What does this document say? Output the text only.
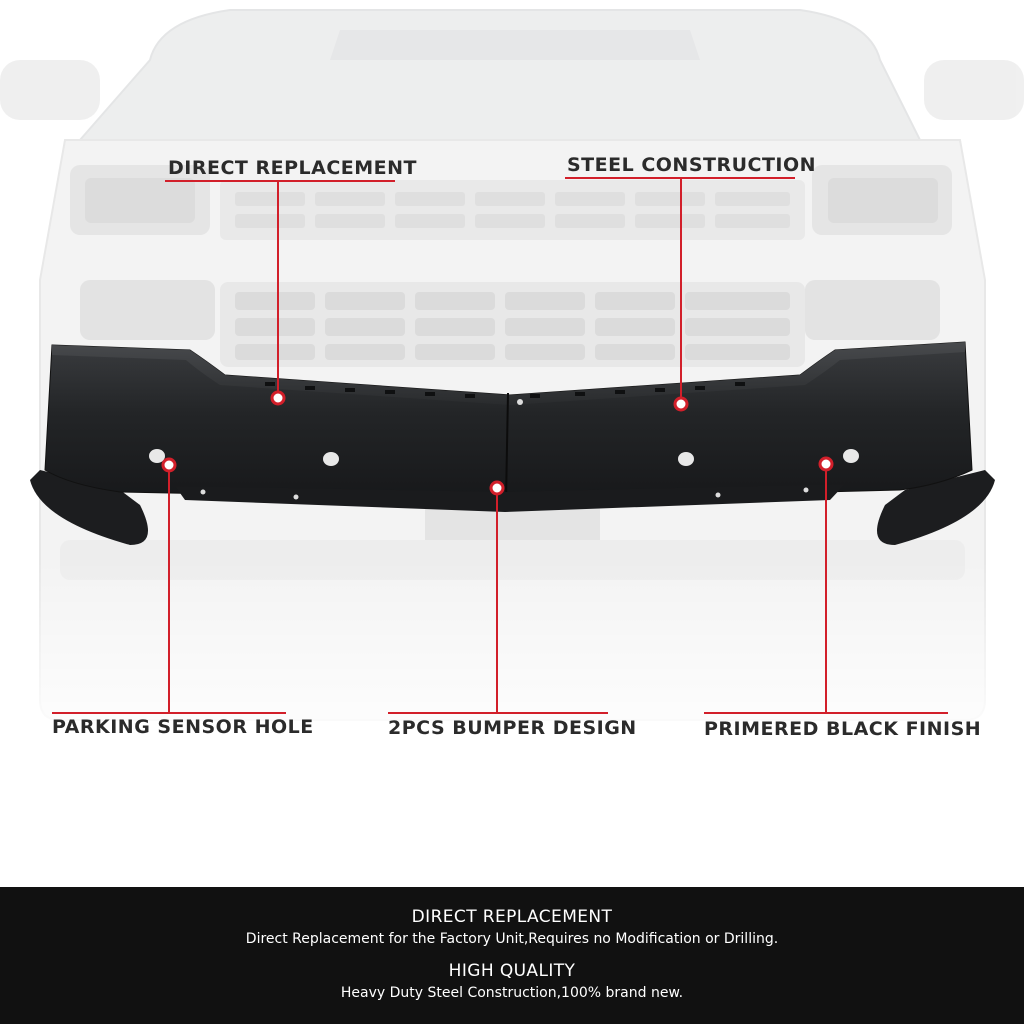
DIRECT REPLACEMENT	STEEL CONSTRUCTION
PARKING SENSOR HOLE	2PCS BUMPER DESIGN	PRIMERED BLACK FINISH
DIRECT REPLACEMENT
Direct Replacement for the Factory Unit,Requires no Modification or Drilling.
HIGH QUALITY
Heavy Duty Steel Construction,100% brand new.
